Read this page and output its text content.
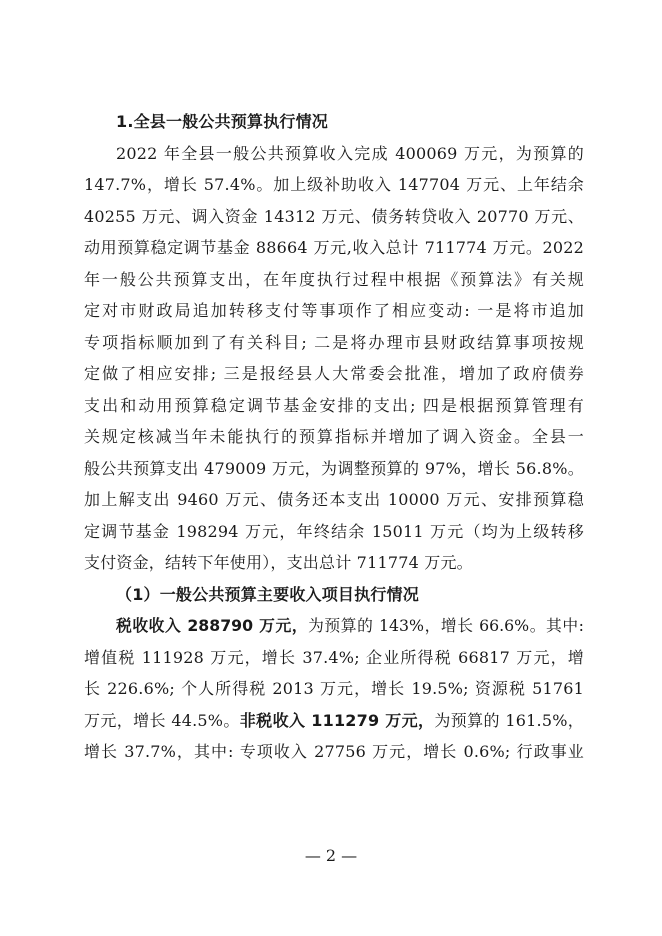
1.全县一般公共预算执行情况
2022 年全县一般公共预算收入完成 400069 万元，为预算的
147.7%，增长 57.4%。加上级补助收入 147704 万元、上年结余
40255 万元、调入资金 14312 万元、债务转贷收入 20770 万元、
动用预算稳定调节基金 88664 万元,收入总计 711774 万元。2022
年一般公共预算支出，在年度执行过程中根据《预算法》有关规
定对市财政局追加转移支付等事项作了相应变动: 一是将市追加
专项指标顺加到了有关科目; 二是将办理市县财政结算事项按规
定做了相应安排; 三是报经县人大常委会批准，增加了政府债券
支出和动用预算稳定调节基金安排的支出; 四是根据预算管理有
关规定核减当年未能执行的预算指标并增加了调入资金。全县一
般公共预算支出 479009 万元，为调整预算的 97%，增长 56.8%。
加上解支出 9460 万元、债务还本支出 10000 万元、安排预算稳
定调节基金 198294 万元，年终结余 15011 万元（均为上级转移
支付资金，结转下年使用），支出总计 711774 万元。
（1）一般公共预算主要收入项目执行情况
税收收入 288790 万元，为预算的 143%，增长 66.6%。其中:
增值税 111928 万元，增长 37.4%; 企业所得税 66817 万元，增
长 226.6%; 个人所得税 2013 万元，增长 19.5%; 资源税 51761
万元，增长 44.5%。非税收入 111279 万元，为预算的 161.5%，
增长 37.7%，其中: 专项收入 27756 万元，增长 0.6%; 行政事业
— 2 —
